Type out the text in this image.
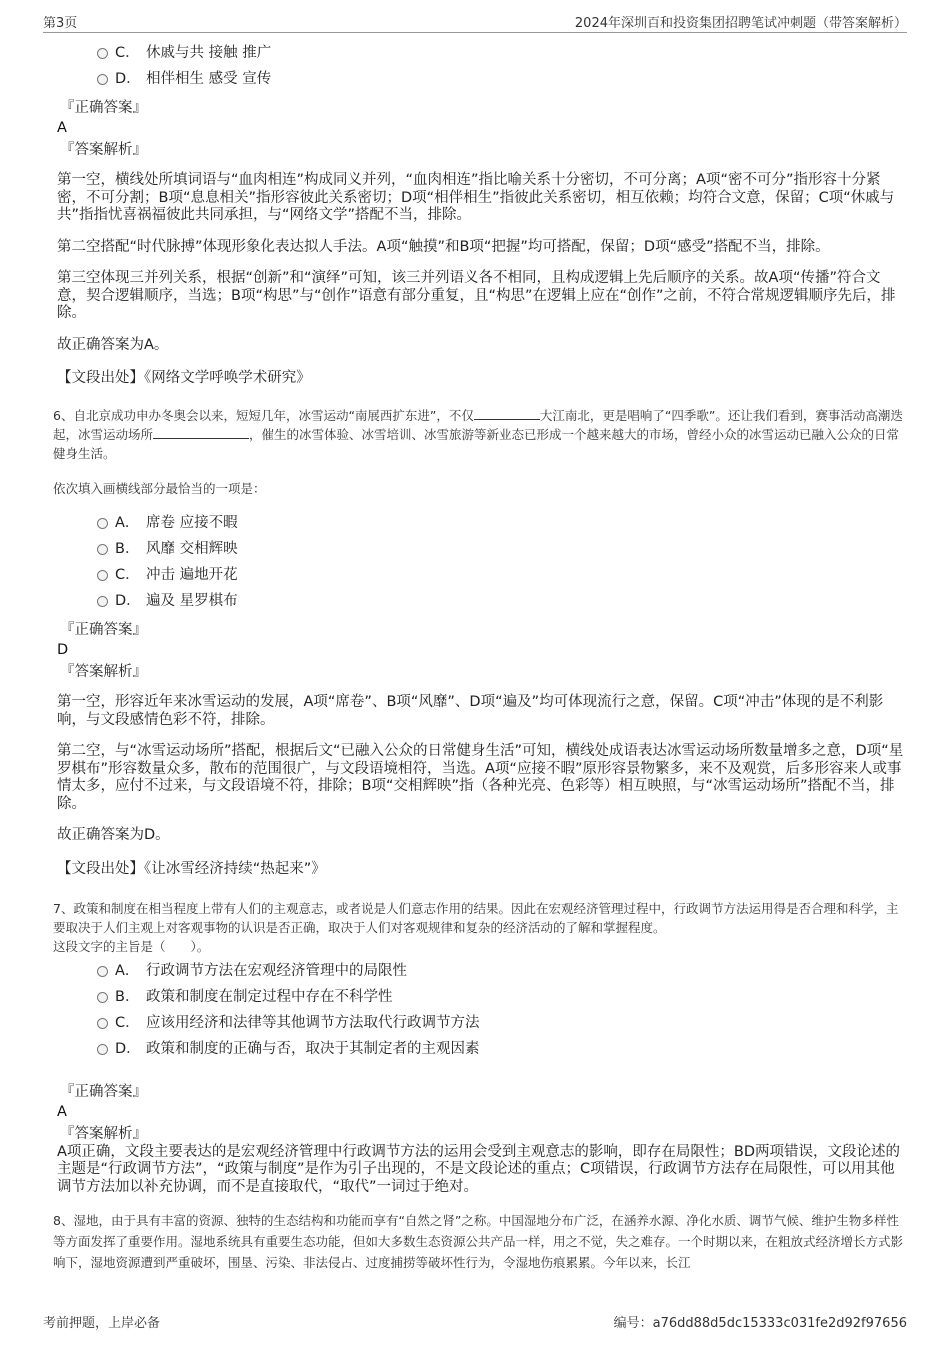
第3页	2024年深圳百和投资集团招聘笔试冲刺题（带答案解析）
C． 休戚与共 接触 推广
D． 相伴相生 感受 宣传
『正确答案』
A
『答案解析』

第一空，横线处所填词语与“血肉相连”构成同义并列，“血肉相连”指比喻关系十分密切，不可分离；A项“密不可分”指形容十分紧密，不可分割；B项“息息相关”指形容彼此关系密切；D项“相伴相生”指彼此关系密切，相互依赖；均符合文意，保留；C项“休戚与共”指指忧喜祸福彼此共同承担，与“网络文学”搭配不当，排除。

第二空搭配“时代脉搏”体现形象化表达拟人手法。A项“触摸”和B项“把握”均可搭配，保留；D项“感受”搭配不当，排除。

第三空体现三并列关系，根据“创新”和“演绎”可知，该三并列语义各不相同，且构成逻辑上先后顺序的关系。故A项“传播”符合文意，契合逻辑顺序，当选；B项“构思”与“创作”语意有部分重复，且“构思”在逻辑上应在“创作”之前，不符合常规逻辑顺序先后，排除。

故正确答案为A。

【文段出处】《网络文学呼唤学术研究》

6、自北京成功申办冬奥会以来，短短几年，冰雪运动“南展西扩东进”，不仅	大江南北，更是唱响了“四季歌”。还让我们看到，赛事活动高潮迭起，冰雪运动场所	，催生的冰雪体验、冰雪培训、冰雪旅游等新业态已形成一个越来越大的市场，曾经小众的冰雪运动已融入公众的日常健身生活。
依次填入画横线部分最恰当的一项是：
A． 席卷 应接不暇
B． 风靡 交相辉映
C． 冲击 遍地开花
D． 遍及 星罗棋布
『正确答案』
D
『答案解析』

第一空，形容近年来冰雪运动的发展，A项“席卷”、B项“风靡”、D项“遍及”均可体现流行之意，保留。C项“冲击”体现的是不利影响，与文段感情色彩不符，排除。

第二空，与“冰雪运动场所”搭配，根据后文“已融入公众的日常健身生活”可知，横线处成语表达冰雪运动场所数量增多之意，D项“星罗棋布”形容数量众多，散布的范围很广，与文段语境相符，当选。A项“应接不暇”原形容景物繁多，来不及观赏，后多形容来人或事情太多，应付不过来，与文段语境不符，排除；B项“交相辉映”指（各种光亮、色彩等）相互映照，与“冰雪运动场所”搭配不当，排除。

故正确答案为D。

【文段出处】《让冰雪经济持续“热起来”》

7、政策和制度在相当程度上带有人们的主观意志，或者说是人们意志作用的结果。因此在宏观经济管理过程中，行政调节方法运用得是否合理和科学，主要取决于人们主观上对客观事物的认识是否正确，取决于人们对客观规律和复杂的经济活动的了解和掌握程度。
这段文字的主旨是（　　）。
A． 行政调节方法在宏观经济管理中的局限性
B． 政策和制度在制定过程中存在不科学性
C． 应该用经济和法律等其他调节方法取代行政调节方法
D． 政策和制度的正确与否，取决于其制定者的主观因素
『正确答案』
A
『答案解析』

A项正确，文段主要表达的是宏观经济管理中行政调节方法的运用会受到主观意志的影响，即存在局限性；BD两项错误，文段论述的主题是“行政调节方法”，“政策与制度”是作为引子出现的，不是文段论述的重点；C项错误，行政调节方法存在局限性，可以用其他调节方法加以补充协调，而不是直接取代，“取代”一词过于绝对。

8、湿地，由于具有丰富的资源、独特的生态结构和功能而享有“自然之肾”之称。中国湿地分布广泛，在涵养水源、净化水质、调节气候、维护生物多样性等方面发挥了重要作用。湿地系统具有重要生态功能，但如大多数生态资源公共产品一样，用之不觉，失之难存。一个时期以来，在粗放式经济增长方式影响下，湿地资源遭到严重破坏，围垦、污染、非法侵占、过度捕捞等破坏性行为，令湿地伤痕累累。今年以来，长江
考前押题，上岸必备	编号：a76dd88d5dc15333c031fe2d92f97656
